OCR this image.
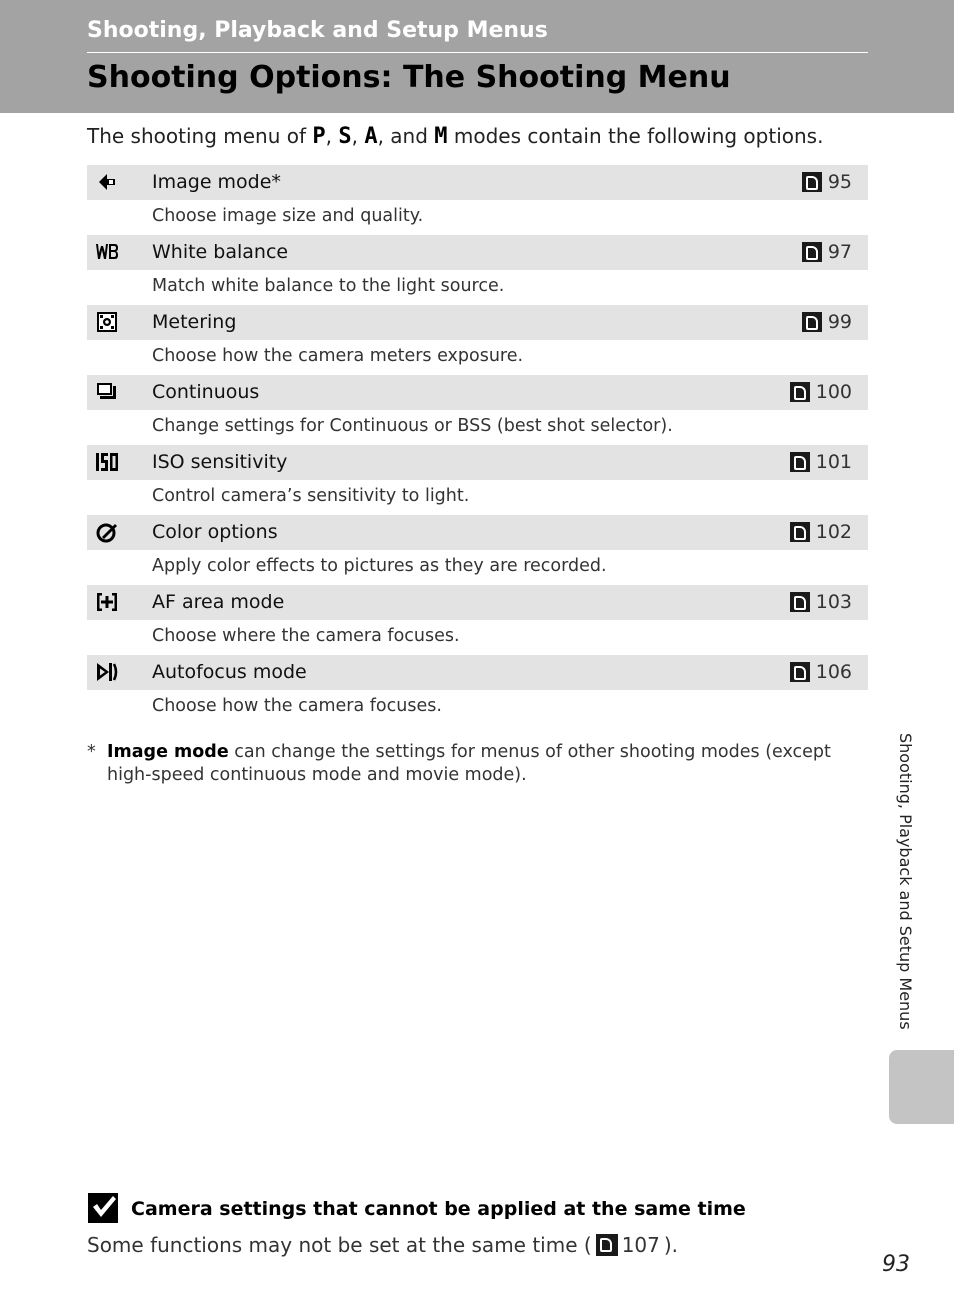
Shooting, Playback and Setup Menus
Shooting Options: The Shooting Menu

The shooting menu of P, S, A, and M modes contain the following options.

Image mode*	95
Choose image size and quality.
White balance	97
Match white balance to the light source.
Metering	99
Choose how the camera meters exposure.
Continuous	100
Change settings for Continuous or BSS (best shot selector).
ISO sensitivity	101
Control camera’s sensitivity to light.
Color options	102
Apply color effects to pictures as they are recorded.
AF area mode	103
Choose where the camera focuses.
Autofocus mode	106
Choose how the camera focuses.
* Image mode can change the settings for menus of other shooting modes (except high-speed continuous mode and movie mode).	Shooting, Playback and Setup Menus
Camera settings that cannot be applied at the same time
Some functions may not be set at the same time ( 107 ).
93
